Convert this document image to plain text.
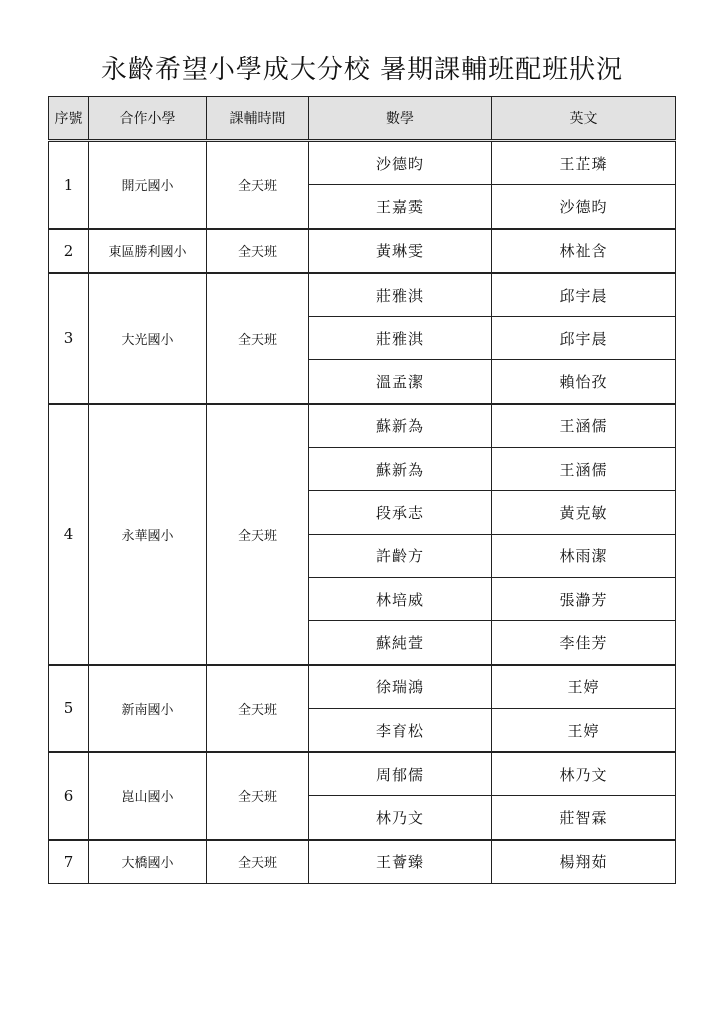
永齡希望小學成大分校 暑期課輔班配班狀況
序號	合作小學	課輔時間	數學	英文
1	開元國小	全天班	沙德昀	王芷璘
			王嘉霙	沙德昀
2	東區勝利國小	全天班	黃琳雯	林祉含
3	大光國小	全天班	莊雅淇	邱宇晨
			莊雅淇	邱宇晨
			溫孟潔	賴怡孜
4	永華國小	全天班	蘇新為	王涵儒
			蘇新為	王涵儒
			段承志	黃克敏
			許齡方	林雨潔
			林培威	張瀞芳
			蘇純萱	李佳芳
5	新南國小	全天班	徐瑞鴻	王婷
			李育松	王婷
6	崑山國小	全天班	周郁儒	林乃文
			林乃文	莊智霖
7	大橋國小	全天班	王薈臻	楊翔茹
